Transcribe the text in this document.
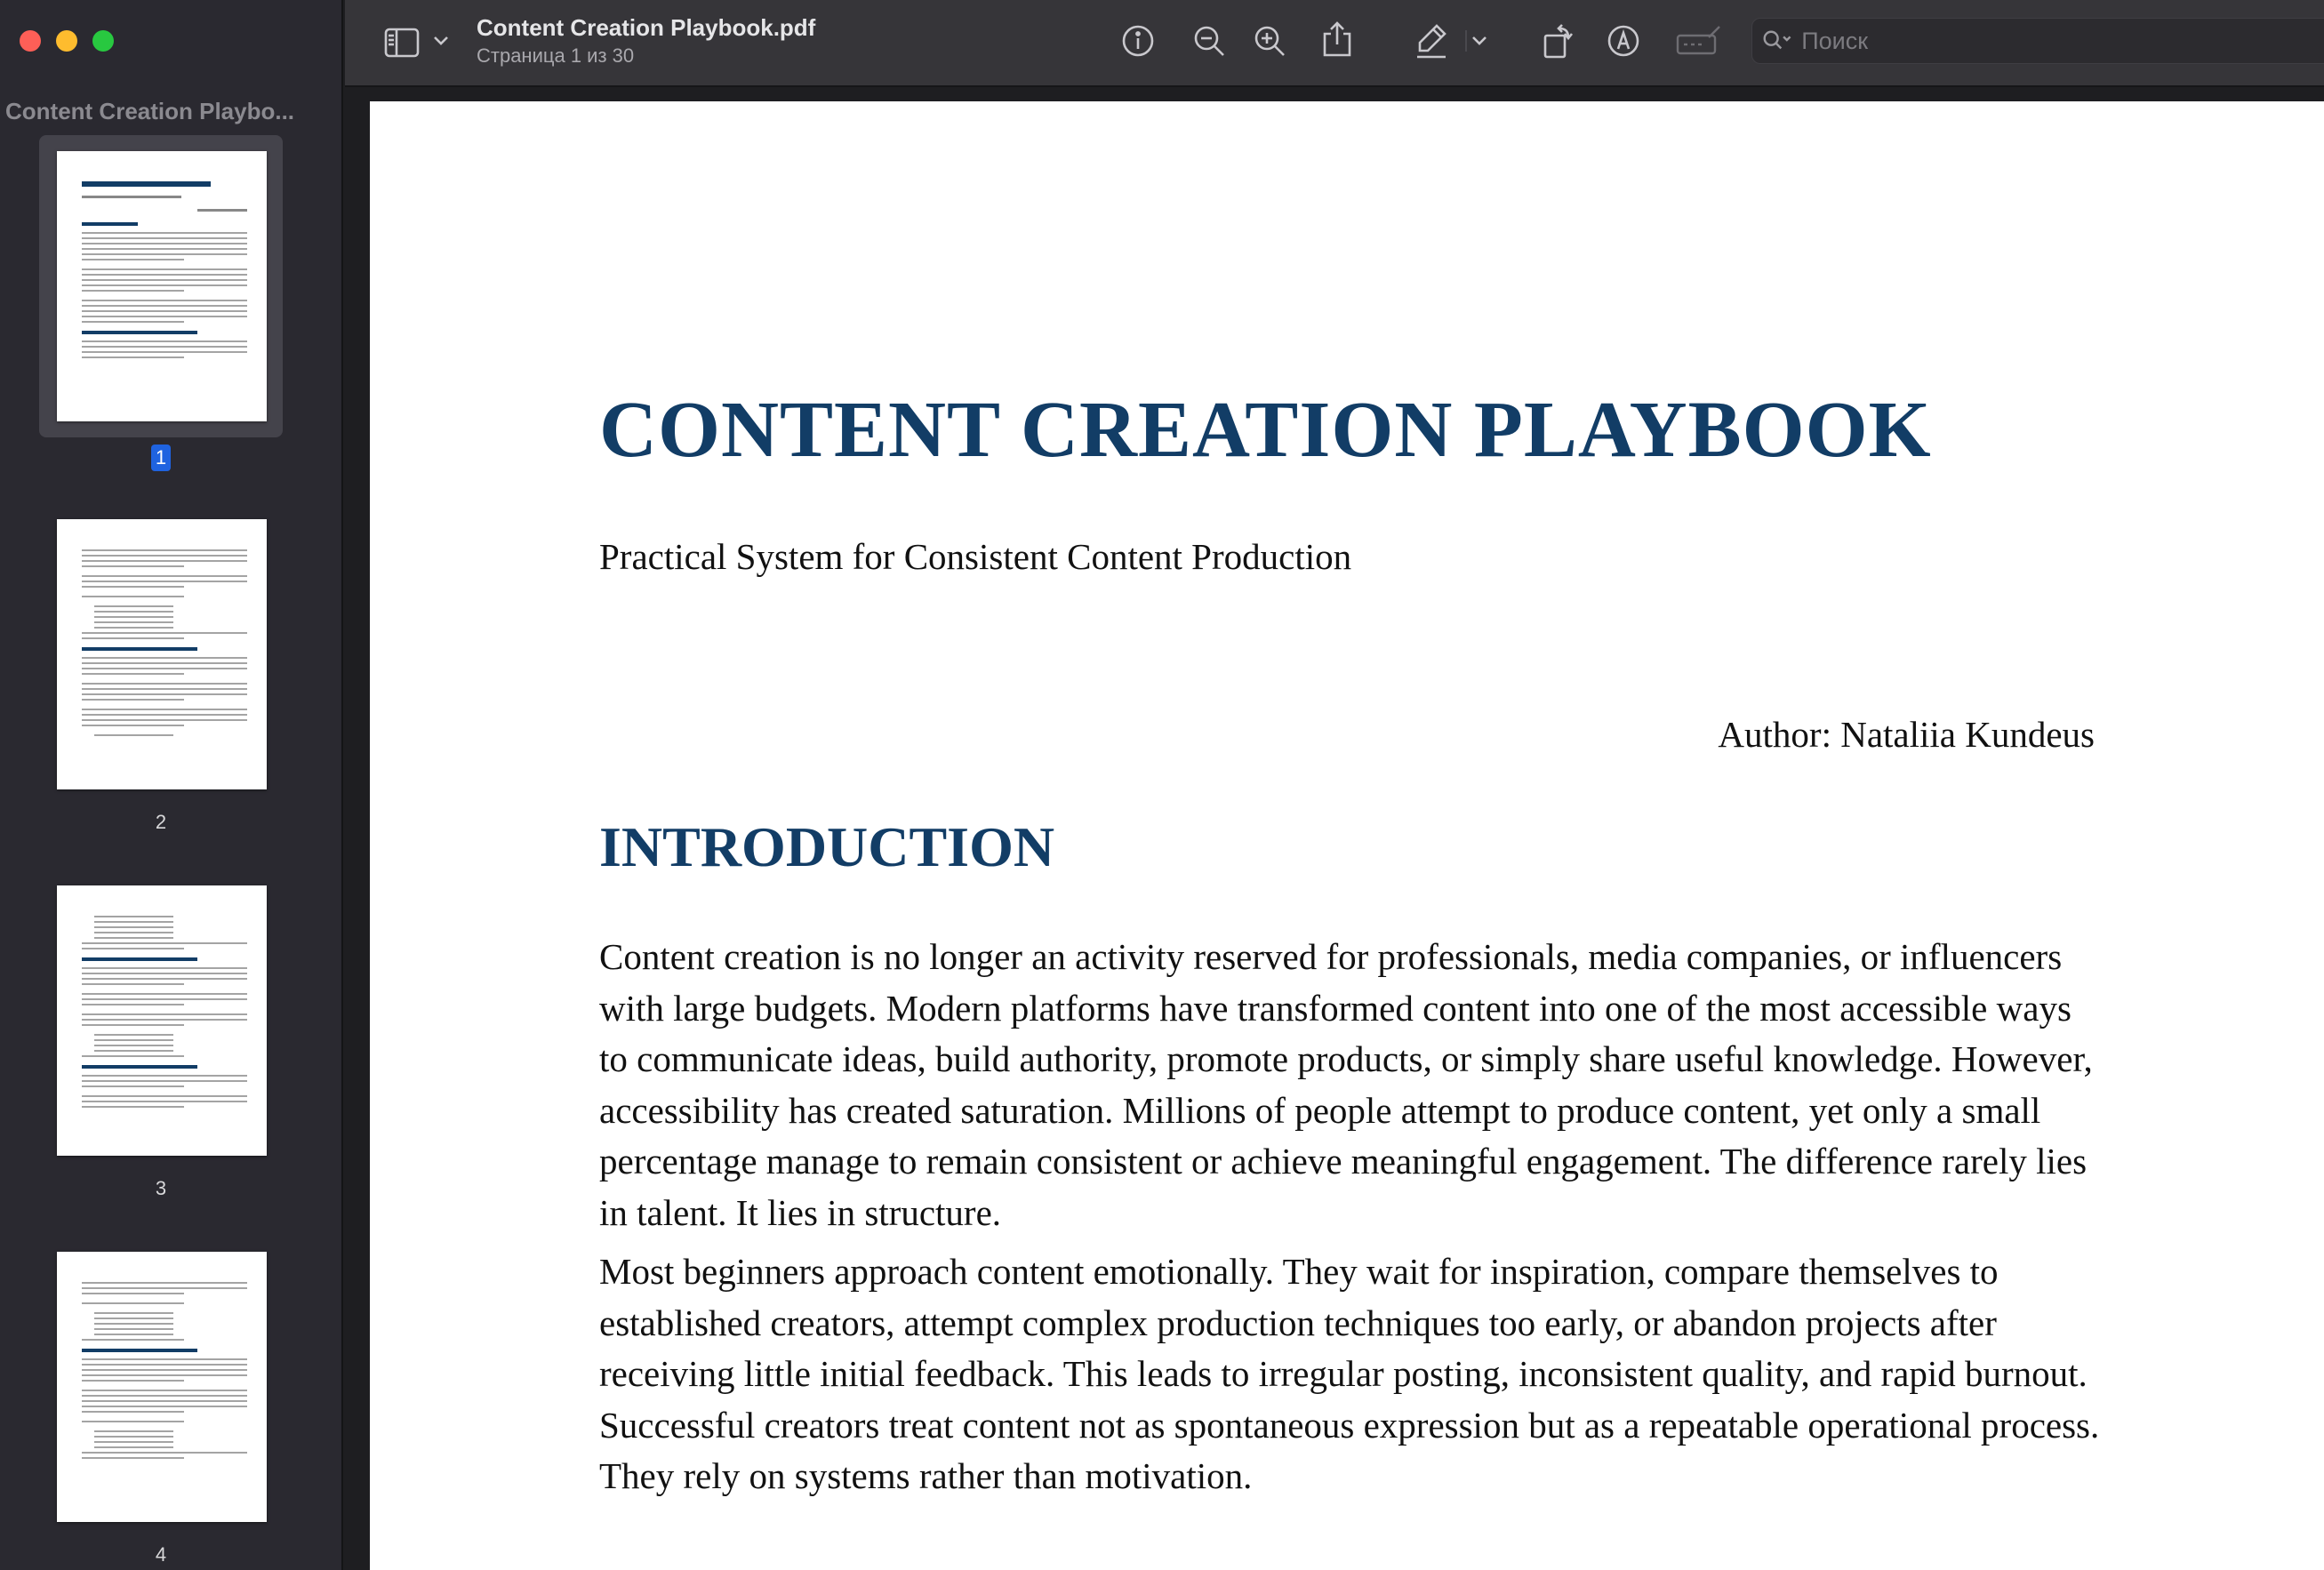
Content Creation Playbo...
1
2
3
4
Content Creation Playbook.pdf
Страница 1 из 30
Поиск
CONTENT CREATION PLAYBOOK
Practical System for Consistent Content Production
Author: Nataliia Kundeus
INTRODUCTION

Content creation is no longer an activity reserved for professionals, media companies, or influencers with large budgets. Modern platforms have transformed content into one of the most accessible ways to communicate ideas, build authority, promote products, or simply share useful knowledge. However, accessibility has created saturation. Millions of people attempt to produce content, yet only a small percentage manage to remain consistent or achieve meaningful engagement. The difference rarely lies in talent. It lies in structure.

Most beginners approach content emotionally. They wait for inspiration, compare themselves to established creators, attempt complex production techniques too early, or abandon projects after receiving little initial feedback. This leads to irregular posting, inconsistent quality, and rapid burnout. Successful creators treat content not as spontaneous expression but as a repeatable operational process. They rely on systems rather than motivation.
